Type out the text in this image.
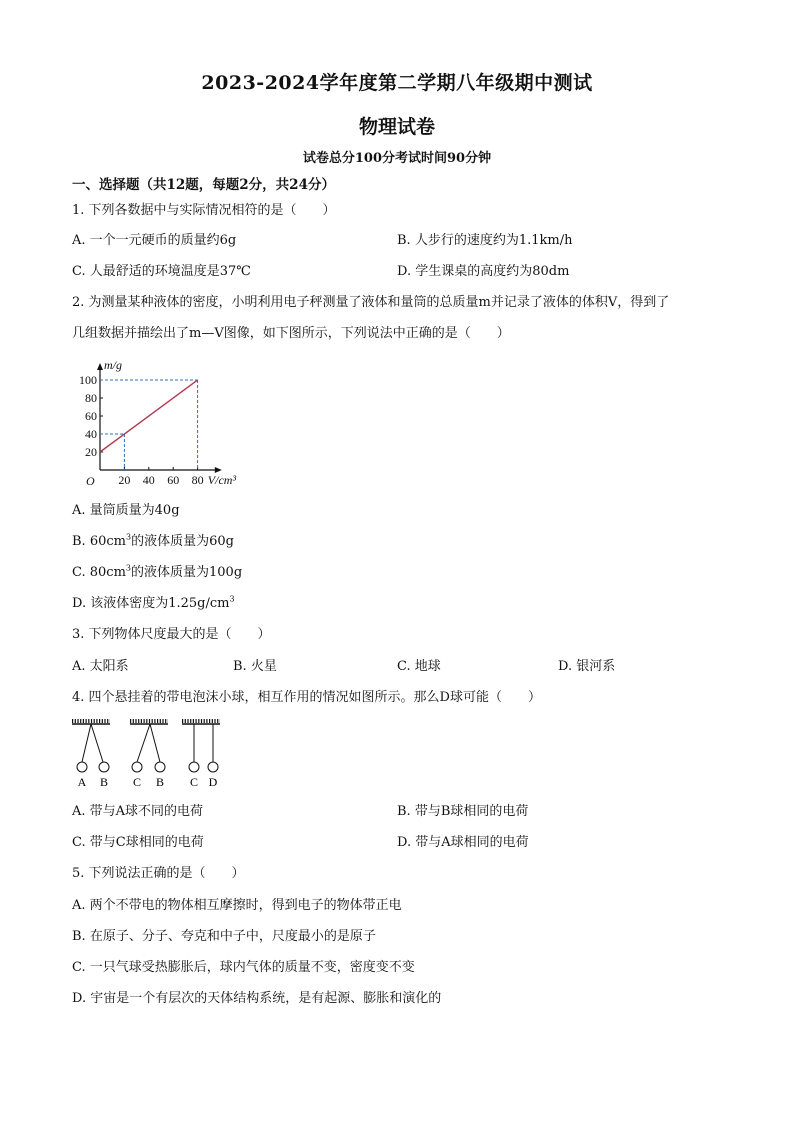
2023-2024学年度第二学期八年级期中测试
物理试卷
试卷总分100分考试时间90分钟
一、选择题（共12题，每题2分，共24分）
1. 下列各数据中与实际情况相符的是（　　）
A. 一个一元硬币的质量约6g	B. 人步行的速度约为1.1km/h
C. 人最舒适的环境温度是37℃	D. 学生课桌的高度约为80dm
2. 为测量某种液体的密度，小明利用电子秤测量了液体和量筒的总质量m并记录了液体的体积V，得到了
几组数据并描绘出了m—V图像，如下图所示，下列说法中正确的是（　　）
20 40 60 80
20
40
60
80
100
O
m/g
V/cm³
A. 量筒质量为40g
B. $60cm^3$的液体质量为60g
C. $80cm^3$的液体质量为100g
D. 该液体密度为$1.25g/cm^3$
3. 下列物体尺度最大的是（　　）
A. 太阳系	B. 火星	C. 地球	D. 银河系
4. 四个悬挂着的带电泡沫小球，相互作用的情况如图所示。那么D球可能（　　）
A B C B C D
A. 带与A球不同的电荷	B. 带与B球相同的电荷
C. 带与C球相同的电荷	D. 带与A球相同的电荷
5. 下列说法正确的是（　　）
A. 两个不带电的物体相互摩擦时，得到电子的物体带正电
B. 在原子、分子、夸克和中子中，尺度最小的是原子
C. 一只气球受热膨胀后，球内气体的质量不变，密度变不变
D. 宇宙是一个有层次的天体结构系统，是有起源、膨胀和演化的
